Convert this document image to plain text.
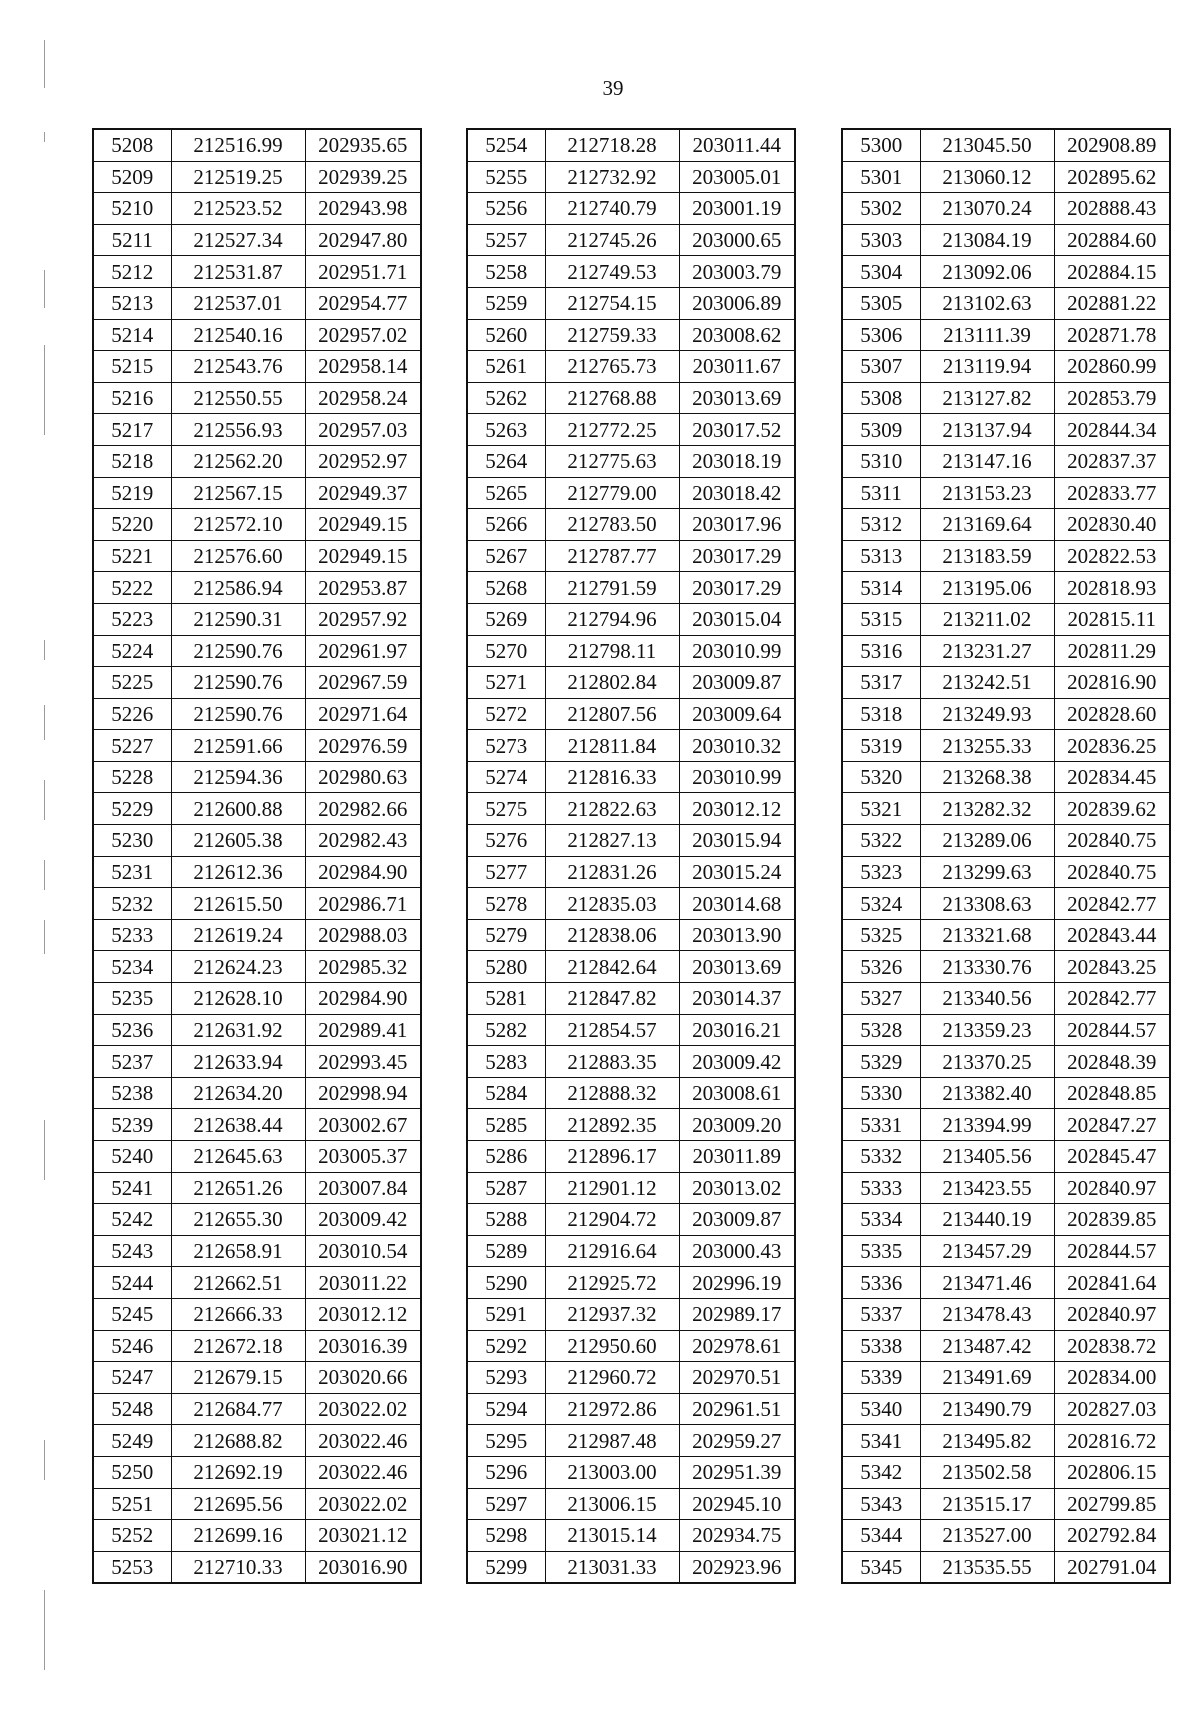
39
5208	212516.99	202935.65
5209	212519.25	202939.25
5210	212523.52	202943.98
5211	212527.34	202947.80
5212	212531.87	202951.71
5213	212537.01	202954.77
5214	212540.16	202957.02
5215	212543.76	202958.14
5216	212550.55	202958.24
5217	212556.93	202957.03
5218	212562.20	202952.97
5219	212567.15	202949.37
5220	212572.10	202949.15
5221	212576.60	202949.15
5222	212586.94	202953.87
5223	212590.31	202957.92
5224	212590.76	202961.97
5225	212590.76	202967.59
5226	212590.76	202971.64
5227	212591.66	202976.59
5228	212594.36	202980.63
5229	212600.88	202982.66
5230	212605.38	202982.43
5231	212612.36	202984.90
5232	212615.50	202986.71
5233	212619.24	202988.03
5234	212624.23	202985.32
5235	212628.10	202984.90
5236	212631.92	202989.41
5237	212633.94	202993.45
5238	212634.20	202998.94
5239	212638.44	203002.67
5240	212645.63	203005.37
5241	212651.26	203007.84
5242	212655.30	203009.42
5243	212658.91	203010.54
5244	212662.51	203011.22
5245	212666.33	203012.12
5246	212672.18	203016.39
5247	212679.15	203020.66
5248	212684.77	203022.02
5249	212688.82	203022.46
5250	212692.19	203022.46
5251	212695.56	203022.02
5252	212699.16	203021.12
5253	212710.33	203016.90
5254	212718.28	203011.44
5255	212732.92	203005.01
5256	212740.79	203001.19
5257	212745.26	203000.65
5258	212749.53	203003.79
5259	212754.15	203006.89
5260	212759.33	203008.62
5261	212765.73	203011.67
5262	212768.88	203013.69
5263	212772.25	203017.52
5264	212775.63	203018.19
5265	212779.00	203018.42
5266	212783.50	203017.96
5267	212787.77	203017.29
5268	212791.59	203017.29
5269	212794.96	203015.04
5270	212798.11	203010.99
5271	212802.84	203009.87
5272	212807.56	203009.64
5273	212811.84	203010.32
5274	212816.33	203010.99
5275	212822.63	203012.12
5276	212827.13	203015.94
5277	212831.26	203015.24
5278	212835.03	203014.68
5279	212838.06	203013.90
5280	212842.64	203013.69
5281	212847.82	203014.37
5282	212854.57	203016.21
5283	212883.35	203009.42
5284	212888.32	203008.61
5285	212892.35	203009.20
5286	212896.17	203011.89
5287	212901.12	203013.02
5288	212904.72	203009.87
5289	212916.64	203000.43
5290	212925.72	202996.19
5291	212937.32	202989.17
5292	212950.60	202978.61
5293	212960.72	202970.51
5294	212972.86	202961.51
5295	212987.48	202959.27
5296	213003.00	202951.39
5297	213006.15	202945.10
5298	213015.14	202934.75
5299	213031.33	202923.96
5300	213045.50	202908.89
5301	213060.12	202895.62
5302	213070.24	202888.43
5303	213084.19	202884.60
5304	213092.06	202884.15
5305	213102.63	202881.22
5306	213111.39	202871.78
5307	213119.94	202860.99
5308	213127.82	202853.79
5309	213137.94	202844.34
5310	213147.16	202837.37
5311	213153.23	202833.77
5312	213169.64	202830.40
5313	213183.59	202822.53
5314	213195.06	202818.93
5315	213211.02	202815.11
5316	213231.27	202811.29
5317	213242.51	202816.90
5318	213249.93	202828.60
5319	213255.33	202836.25
5320	213268.38	202834.45
5321	213282.32	202839.62
5322	213289.06	202840.75
5323	213299.63	202840.75
5324	213308.63	202842.77
5325	213321.68	202843.44
5326	213330.76	202843.25
5327	213340.56	202842.77
5328	213359.23	202844.57
5329	213370.25	202848.39
5330	213382.40	202848.85
5331	213394.99	202847.27
5332	213405.56	202845.47
5333	213423.55	202840.97
5334	213440.19	202839.85
5335	213457.29	202844.57
5336	213471.46	202841.64
5337	213478.43	202840.97
5338	213487.42	202838.72
5339	213491.69	202834.00
5340	213490.79	202827.03
5341	213495.82	202816.72
5342	213502.58	202806.15
5343	213515.17	202799.85
5344	213527.00	202792.84
5345	213535.55	202791.04
